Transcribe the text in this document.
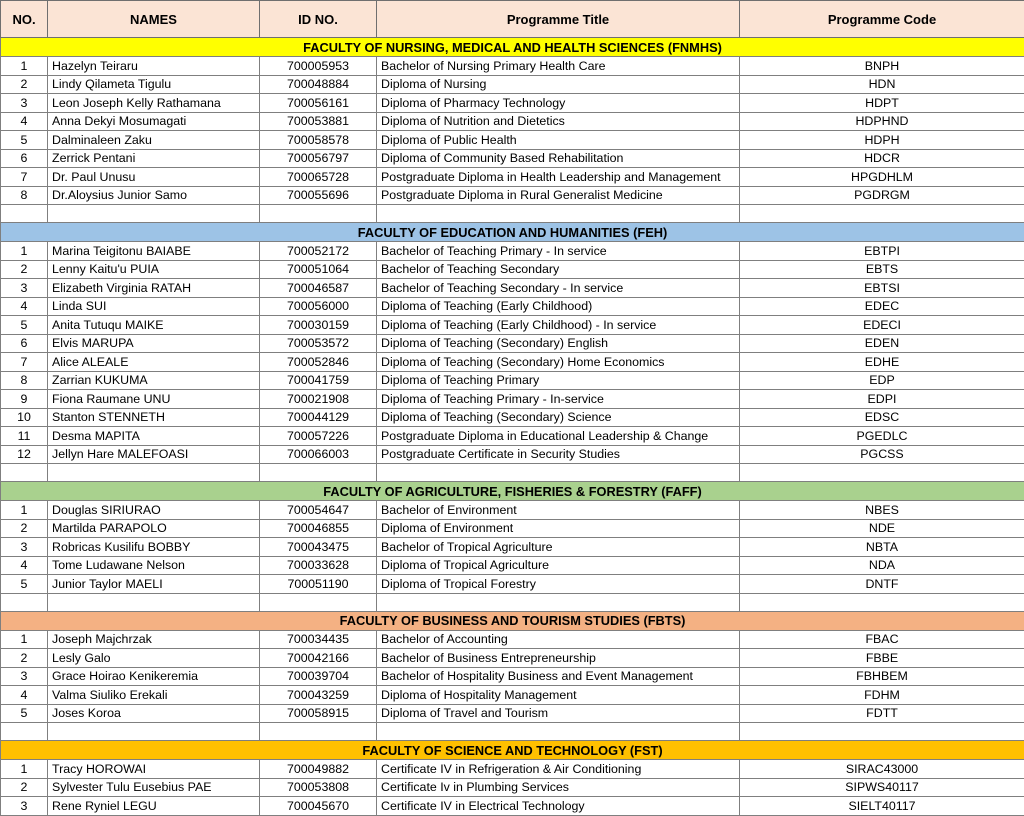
NO.	NAMES	ID NO.	Programme Title	Programme Code
FACULTY OF NURSING, MEDICAL AND HEALTH SCIENCES (FNMHS)				
1	Hazelyn Teiraru	700005953	Bachelor of Nursing Primary Health Care	BNPH
2	Lindy Qilameta Tigulu	700048884	Diploma of Nursing	HDN
3	Leon Joseph Kelly Rathamana	700056161	Diploma of Pharmacy Technology	HDPT
4	Anna Dekyi Mosumagati	700053881	Diploma of Nutrition and Dietetics	HDPHND
5	Dalminaleen Zaku	700058578	Diploma of Public Health	HDPH
6	Zerrick Pentani	700056797	Diploma of Community Based Rehabilitation	HDCR
7	Dr. Paul Unusu	700065728	Postgraduate Diploma in Health Leadership and Management	HPGDHLM
8	Dr.Aloysius Junior Samo	700055696	Postgraduate Diploma in Rural Generalist Medicine	PGDRGM

FACULTY OF EDUCATION AND HUMANITIES (FEH)				
1	Marina Teigitonu BAIABE	700052172	Bachelor of Teaching Primary - In service	EBTPI
2	Lenny Kaitu'u PUIA	700051064	Bachelor of Teaching Secondary	EBTS
3	Elizabeth Virginia RATAH	700046587	Bachelor of Teaching Secondary - In service	EBTSI
4	Linda SUI	700056000	Diploma of Teaching (Early Childhood)	EDEC
5	Anita Tutuqu MAIKE	700030159	Diploma of Teaching (Early Childhood) - In service	EDECI
6	Elvis MARUPA	700053572	Diploma of Teaching (Secondary) English	EDEN
7	Alice ALEALE	700052846	Diploma of Teaching (Secondary) Home Economics	EDHE
8	Zarrian KUKUMA	700041759	Diploma of Teaching Primary	EDP
9	Fiona Raumane UNU	700021908	Diploma of Teaching Primary - In-service	EDPI
10	Stanton STENNETH	700044129	Diploma of Teaching (Secondary) Science	EDSC
11	Desma MAPITA	700057226	Postgraduate Diploma in Educational Leadership & Change	PGEDLC
12	Jellyn Hare MALEFOASI	700066003	Postgraduate Certificate in Security Studies	PGCSS

FACULTY OF AGRICULTURE, FISHERIES & FORESTRY (FAFF)				
1	Douglas SIRIURAO	700054647	Bachelor of Environment	NBES
2	Martilda PARAPOLO	700046855	Diploma of Environment	NDE
3	Robricas Kusilifu BOBBY	700043475	Bachelor of Tropical Agriculture	NBTA
4	Tome Ludawane Nelson	700033628	Diploma of Tropical Agriculture	NDA
5	Junior Taylor MAELI	700051190	Diploma of Tropical Forestry	DNTF

FACULTY OF BUSINESS AND TOURISM STUDIES (FBTS)				
1	Joseph Majchrzak	700034435	Bachelor of Accounting	FBAC
2	Lesly Galo	700042166	Bachelor of Business Entrepreneurship	FBBE
3	Grace Hoirao Kenikeremia	700039704	Bachelor of Hospitality Business and Event Management	FBHBEM
4	Valma Siuliko Erekali	700043259	Diploma of Hospitality Management	FDHM
5	Joses Koroa	700058915	Diploma of Travel and Tourism	FDTT

FACULTY OF SCIENCE AND TECHNOLOGY (FST)				
1	Tracy HOROWAI	700049882	Certificate IV in Refrigeration & Air Conditioning	SIRAC43000
2	Sylvester Tulu Eusebius PAE	700053808	Certificate Iv in Plumbing Services	SIPWS40117
3	Rene Ryniel LEGU	700045670	Certificate IV in Electrical Technology	SIELT40117
